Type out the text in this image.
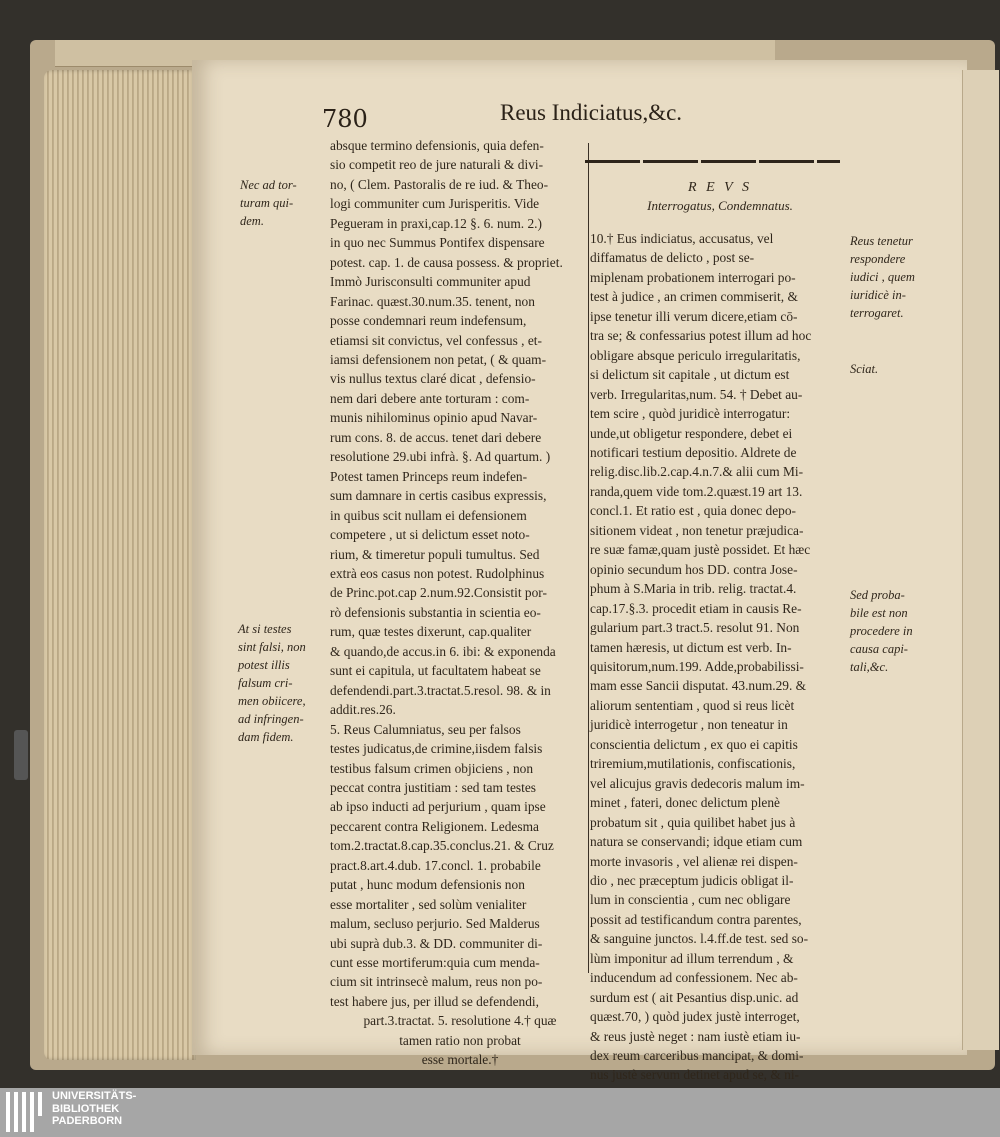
780	Reus Indiciatus,&c.
R E V S
Interrogatus, Condemnatus.
absque termino defensionis, quia defen-
sio competit reo de jure naturali & divi-
no, ( Clem. Pastoralis de re iud. & Theo-
logi communiter cum Jurisperitis. Vide
Pegueram in praxi,cap.12 §. 6. num. 2.)
in quo nec Summus Pontifex dispensare
potest. cap. 1. de causa possess. & propriet.
Immò Jurisconsulti communiter apud
Farinac. quæst.30.num.35. tenent, non
posse condemnari reum indefensum,
etiamsi sit convictus, vel confessus , et-
iamsi defensionem non petat, ( & quam-
vis nullus textus claré dicat , defensio-
nem dari debere ante torturam : com-
munis nihilominus opinio apud Navar-
rum cons. 8. de accus. tenet dari debere
resolutione 29.ubi infrà. §. Ad quartum. )
Potest tamen Princeps reum indefen-
sum damnare in certis casibus expressis,
in quibus scit nullam ei defensionem
competere , ut si delictum esset noto-
rium, & timeretur populi tumultus. Sed
extrà eos casus non potest. Rudolphinus
de Princ.pot.cap 2.num.92.Consistit por-
rò defensionis substantia in scientia eo-
rum, quæ testes dixerunt, cap.qualiter
& quando,de accus.in 6. ibi: & exponenda
sunt ei capitula, ut facultatem habeat se
defendendi.part.3.tractat.5.resol. 98. & in
addit.res.26.
5. Reus Calumniatus, seu per falsos
testes judicatus,de crimine,iisdem falsis
testibus falsum crimen objiciens , non
peccat contra justitiam : sed tam testes
ab ipso inducti ad perjurium , quam ipse
peccarent contra Religionem. Ledesma
tom.2.tractat.8.cap.35.conclus.21. & Cruz
pract.8.art.4.dub. 17.concl. 1. probabile
putat , hunc modum defensionis non
esse mortaliter , sed solùm venialiter
malum, secluso perjurio. Sed Malderus
ubi suprà dub.3. & DD. communiter di-
cunt esse mortiferum:quia cum menda-
cium sit intrinsecè malum, reus non po-
test habere jus, per illud se defendendi,
part.3.tractat. 5. resolutione 4.† quæ
tamen ratio non probat
esse mortale.†
10.† Eus indiciatus, accusatus, vel
diffamatus de delicto , post se-
miplenam probationem interrogari po-
test à judice , an crimen commiserit, &
ipse tenetur illi verum dicere,etiam cō-
tra se; & confessarius potest illum ad hoc
obligare absque periculo irregularitatis,
si delictum sit capitale , ut dictum est
verb. Irregularitas,num. 54. † Debet au-
tem scire , quòd juridicè interrogatur:
unde,ut obligetur respondere, debet ei
notificari testium depositio. Aldrete de
relig.disc.lib.2.cap.4.n.7.& alii cum Mi-
randa,quem vide tom.2.quæst.19 art 13.
concl.1. Et ratio est , quia donec depo-
sitionem videat , non tenetur præjudica-
re suæ famæ,quam justè possidet. Et hæc
opinio secundum hos DD. contra Jose-
phum à S.Maria in trib. relig. tractat.4.
cap.17.§.3. procedit etiam in causis Re-
gularium part.3 tract.5. resolut 91. Non
tamen hæresis, ut dictum est verb. In-
quisitorum,num.199. Adde,probabilissi-
mam esse Sancii disputat. 43.num.29. &
aliorum sententiam , quod si reus licèt
juridicè interrogetur , non teneatur in
conscientia delictum , ex quo ei capitis
triremium,mutilationis, confiscationis,
vel alicujus gravis dedecoris malum im-
minet , fateri, donec delictum plenè
probatum sit , quia quilibet habet jus à
natura se conservandi; idque etiam cum
morte invasoris , vel alienæ rei dispen-
dio , nec præceptum judicis obligat il-
lum in conscientia , cum nec obligare
possit ad testificandum contra parentes,
& sanguine junctos. l.4.ff.de test. sed so-
lùm imponitur ad illum terrendum , &
inducendum ad confessionem. Nec ab-
surdum est ( ait Pesantius disp.unic. ad
quæst.70, ) quòd judex justè interroget,
& reus justè neget : nam iustè etiam iu-
dex reum carceribus mancipat, & domi-
nus justè servum detinet apud se, & ni-
Nec ad tor-
turam qui-
dem.
At si testes
sint falsi, non
potest illis
falsum cri-
men obiicere,
ad infringen-
dam fidem.
Reus tenetur
respondere
iudici , quem
iuridicè in-
terrogaret.
Sciat.
Sed proba-
bile est non
procedere in
causa capi-
tali,&c.
UNIVERSITÄTS-
BIBLIOTHEK
PADERBORN
